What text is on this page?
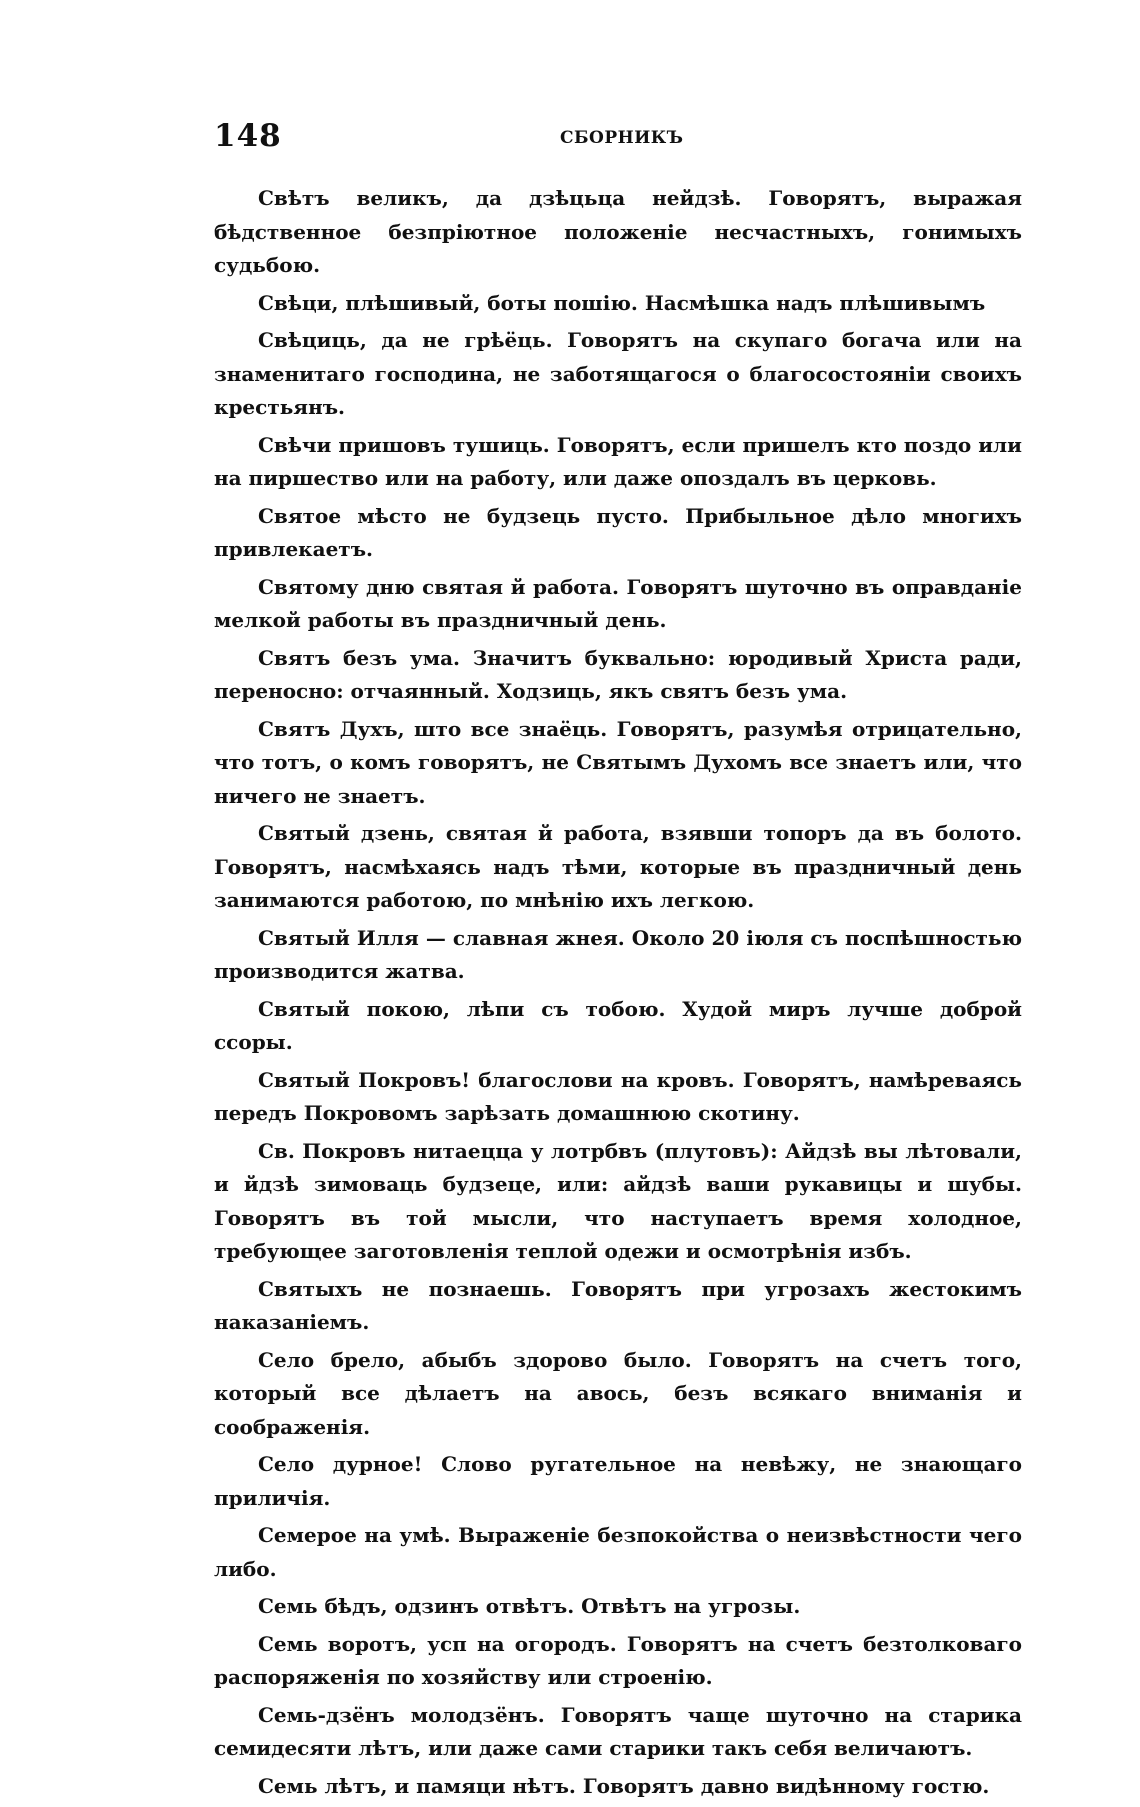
148	СБОРНИКЪ

Свѣтъ великъ, да дзѣцьца нейдзѣ. Говорятъ, выражая бѣдственное безпріютное положеніе несчастныхъ, гонимыхъ судьбою.

Свѣци, плѣшивый, боты пошію. Насмѣшка надъ плѣшивымъ

Свѣциць, да не грѣёць. Говорятъ на скупаго богача или на знаменитаго господина, не заботящагося о благосостояніи своихъ крестьянъ.

Свѣчи пришовъ тушиць. Говорятъ, если пришелъ кто поздо или на пиршество или на работу, или даже опоздалъ въ церковь.

Святое мѣсто не будзець пусто. Прибыльное дѣло многихъ привлекаетъ.

Святому дню святая й работа. Говорятъ шуточно въ оправданіе мелкой работы въ праздничный день.

Святъ безъ ума. Значитъ буквально: юродивый Христа ради, переносно: отчаянный. Ходзиць, якъ святъ безъ ума.

Святъ Духъ, што все знаёць. Говорятъ, разумѣя отрицательно, что тотъ, о комъ говорятъ, не Святымъ Духомъ все знаетъ или, что ничего не знаетъ.

Святый дзень, святая й работа, взявши топоръ да въ болото. Говорятъ, насмѣхаясь надъ тѣми, которые въ праздничный день занимаются работою, по мнѣнію ихъ легкою.

Святый Илля — славная жнея. Около 20 іюля съ поспѣшностью производится жатва.

Святый покою, лѣпи съ тобою. Худой миръ лучше доброй ссоры.

Святый Покровъ! благослови на кровъ. Говорятъ, намѣреваясь передъ Покровомъ зарѣзать домашнюю скотину.

Св. Покровъ нитаеццa у лотрбвъ (плутовъ): Айдзѣ вы лѣтовали, и йдзѣ зимоваць будзеце, или: айдзѣ ваши рукавицы и шубы. Говорятъ въ той мысли, что наступаетъ время холодное, требующее заготовленія теплой одежи и осмотрѣнія избъ.

Святыхъ не познаешь. Говорятъ при угрозахъ жестокимъ наказаніемъ.

Село брело, абыбъ здорово было. Говорятъ на счетъ того, который все дѣлаетъ на авось, безъ всякаго вниманія и соображенія.

Село дурное! Слово ругательное на невѣжу, не знающаго приличія.

Семерое на умѣ. Выраженіе безпокойства о неизвѣстности чего либо.

Семь бѣдъ, одзинъ отвѣтъ. Отвѣтъ на угрозы.

Семь воротъ, усп на огородъ. Говорятъ на счетъ безтолковаго распоряженія по хозяйству или строенію.

Семь-дзёнъ молодзёнъ. Говорятъ чаще шуточно на старика семидесяти лѣтъ, или даже сами старики такъ себя величаютъ.

Семь лѣтъ, и памяци нѣтъ. Говорятъ давно видѣнному гостю.
